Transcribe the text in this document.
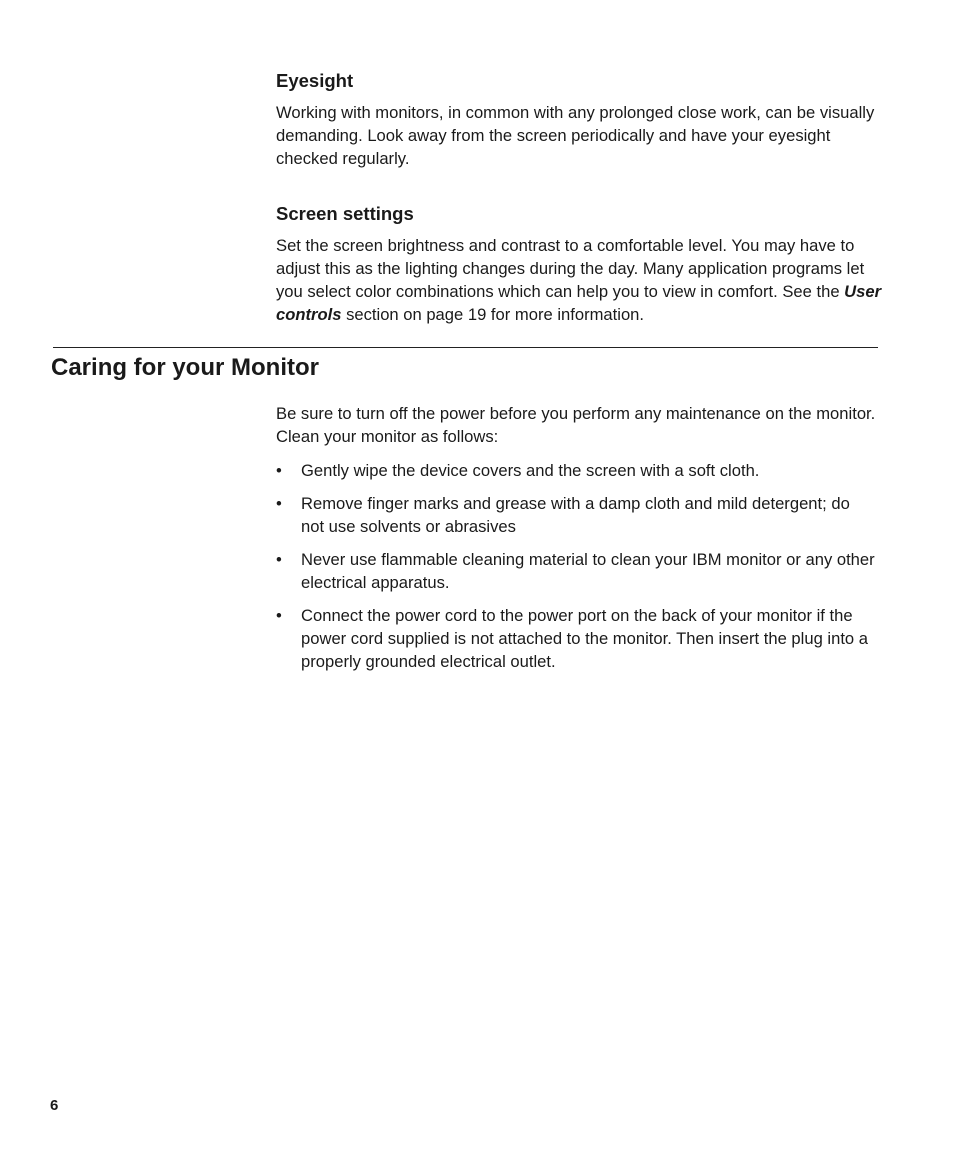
Eyesight

Working with monitors, in common with any prolonged close work, can be visually demanding. Look away from the screen periodically and have your eyesight checked regularly.

Screen settings

Set the screen brightness and contrast to a comfortable level. You may have to adjust this as the lighting changes during the day. Many application programs let you select color combinations which can help you to view in comfort. See the User controls section on page 19 for more information.

Caring for your Monitor

Be sure to turn off the power before you perform any maintenance on the monitor. Clean your monitor as follows:

• Gently wipe the device covers and the screen with a soft cloth.
• Remove finger marks and grease with a damp cloth and mild detergent; do not use solvents or abrasives
• Never use flammable cleaning material to clean your IBM monitor or any other electrical apparatus.
• Connect the power cord to the power port on the back of your monitor if the power cord supplied is not attached to the monitor. Then insert the plug into a properly grounded electrical outlet.

6
